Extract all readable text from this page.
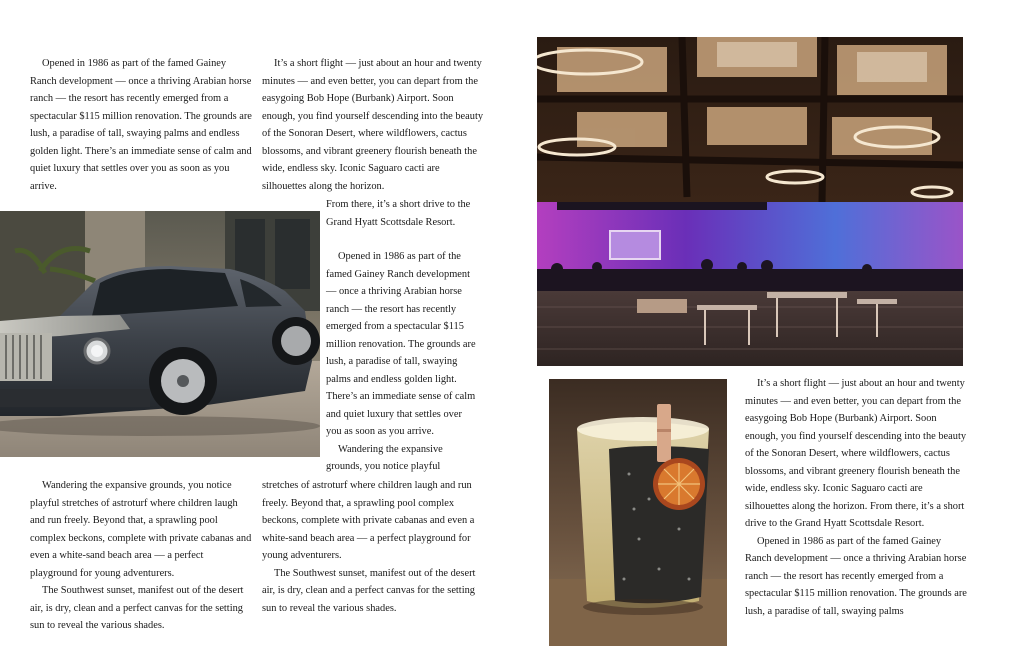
Opened in 1986 as part of the famed Gainey Ranch development — once a thriving Arabian horse ranch — the resort has recently emerged from a spectacular $115 million renovation. The grounds are lush, a paradise of tall, swaying palms and endless golden light. There’s an immediate sense of calm and quiet luxury that settles over you as soon as you arrive.

It’s a short flight — just about an hour and twenty minutes — and even better, you can depart from the easygoing Bob Hope (Burbank) Airport. Soon enough, you find yourself descending into the beauty of the Sonoran Desert, where wildflowers, cactus blossoms, and vibrant greenery flourish beneath the wide, endless sky. Iconic Saguaro cacti are silhouettes along the horizon.

From there, it’s a short drive to the Grand Hyatt Scottsdale Resort.

Opened in 1986 as part of the famed Gainey Ranch development — once a thriving Arabian horse ranch — the resort has recently emerged from a spectacular $115 million renovation. The grounds are lush, a paradise of tall, swaying palms and endless golden light. There’s an immediate sense of calm and quiet luxury that settles over you as soon as you arrive.

Wandering the expansive grounds, you notice playful

stretches of astroturf where children laugh and run freely. Beyond that, a sprawling pool complex beckons, complete with private cabanas and even a white-sand beach area — a perfect playground for young adventurers.

The Southwest sunset, manifest out of the desert air, is dry, clean and a perfect canvas for the setting sun to reveal the various shades.

Wandering the expansive grounds, you notice playful stretches of astroturf where children laugh and run freely. Beyond that, a sprawling pool complex beckons, complete with private cabanas and even a white-sand beach area — a perfect playground for young adventurers.

The Southwest sunset, manifest out of the desert air, is dry, clean and a perfect canvas for the setting sun to reveal the various shades.

It’s a short flight — just about an hour and twenty minutes — and even better, you can depart from the easygoing Bob Hope (Burbank) Airport. Soon enough, you find yourself descending into the beauty of the Sonoran Desert, where wildflowers, cactus blossoms, and vibrant greenery flourish beneath the wide, endless sky. Iconic Saguaro cacti are silhouettes along the horizon. From there, it’s a short drive to the Grand Hyatt Scottsdale Resort.

Opened in 1986 as part of the famed Gainey Ranch development — once a thriving Arabian horse ranch — the resort has recently emerged from a spectacular $115 million renovation. The grounds are lush, a paradise of tall, swaying palms
